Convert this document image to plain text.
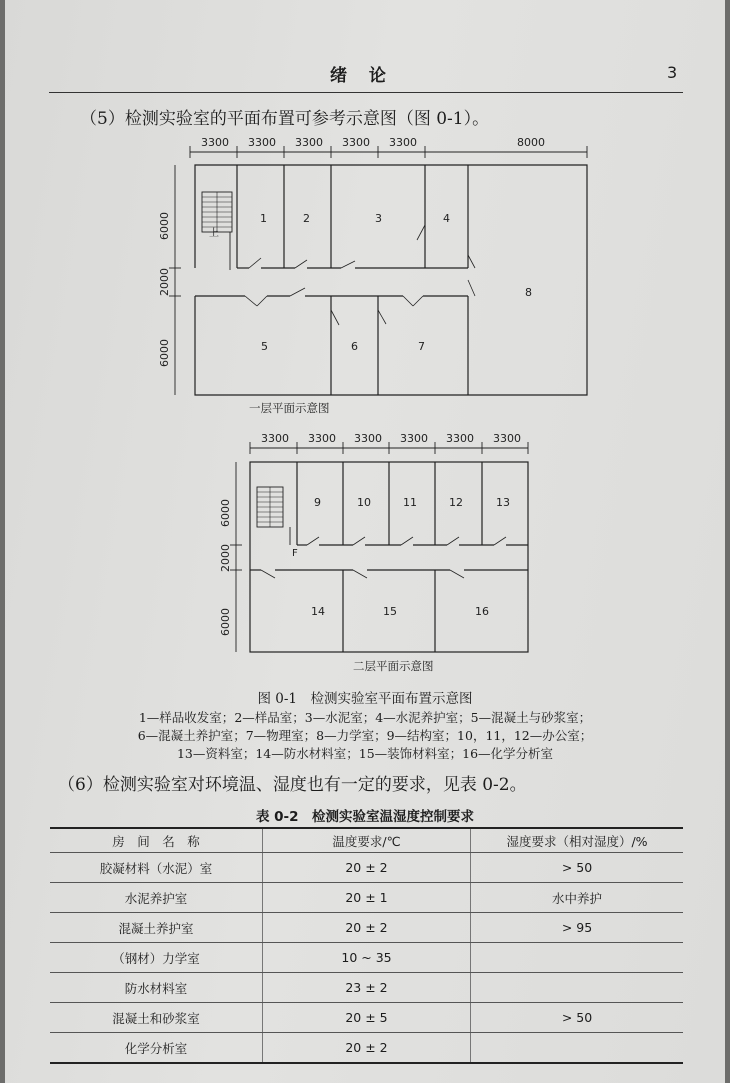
绪 论	3
（5）检测实验室的平面布置可参考示意图（图 0-1）。
3300 3300 3300 3300 3300	8000
6000
2000
6000
上
1	2	3	4
5	6	7
8
一层平面示意图
3300 3300 3300 3300 3300 3300
6000
2000
6000
F
9	10	11	12	13
14	15	16
二层平面示意图
图 0-1　检测实验室平面布置示意图
1—样品收发室；2—样品室；3—水泥室；4—水泥养护室；5—混凝土与砂浆室；
6—混凝土养护室；7—物理室；8—力学室；9—结构室；10，11，12—办公室；
13—资料室；14—防水材料室；15—装饰材料室；16—化学分析室
（6）检测实验室对环境温、湿度也有一定的要求，见表 0-2。
表 0-2　检测实验室温湿度控制要求
房　间　名　称	温度要求/℃	湿度要求（相对湿度）/%
胶凝材料（水泥）室	20 ± 2	> 50
水泥养护室	20 ± 1	水中养护
混凝土养护室	20 ± 2	> 95
（钢材）力学室	10 ~ 35	
防水材料室	23 ± 2	
混凝土和砂浆室	20 ± 5	> 50
化学分析室	20 ± 2	
